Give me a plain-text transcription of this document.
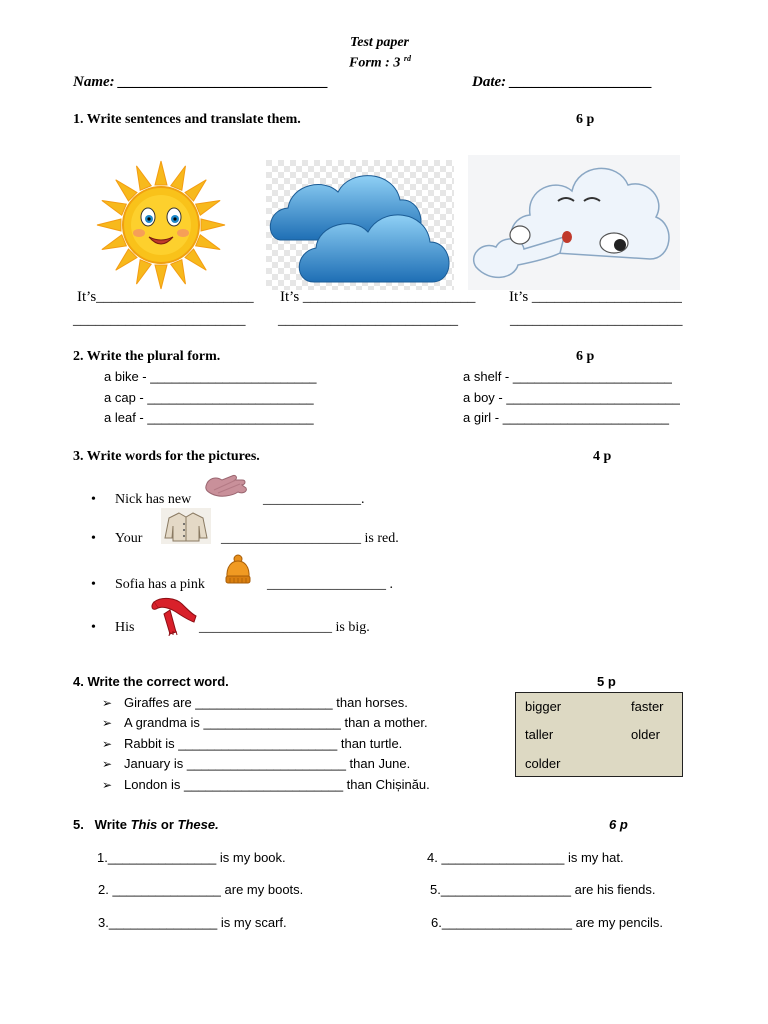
Test paper
Form : 3 $^{rd}$
Name: ____________________________	Date: ___________________
1. Write sentences and translate them.	6 p
It’s_____________________ It’s _______________________ It’s ____________________
_______________________ ________________________	_______________________
2. Write the plural form.	6 p
a bike - _______________________
a cap - _______________________
a leaf - _______________________
a shelf - ______________________
a boy - ________________________
a girl - _______________________
3. Write words for the pictures.	4 p
• Nick has new	______________.
• Your	____________________ is red.
• Sofia has a pink	_________________ .
• His	___________________ is big.
4. Write the correct word.	5 p
➢ Giraffes are ___________________ than horses.
➢ A grandma is ___________________ than a mother.
➢ Rabbit is ______________________ than turtle.
➢ January is ______________________ than June.
➢ London is ______________________ than Chișinău.
bigger	faster
taller	older
colder
5.   Write This or These.	6 p
1._______________ is my book.
2. _______________ are my boots.
3._______________ is my scarf.
4. _________________ is my hat.
5.__________________ are his fiends.
6.__________________ are my pencils.
